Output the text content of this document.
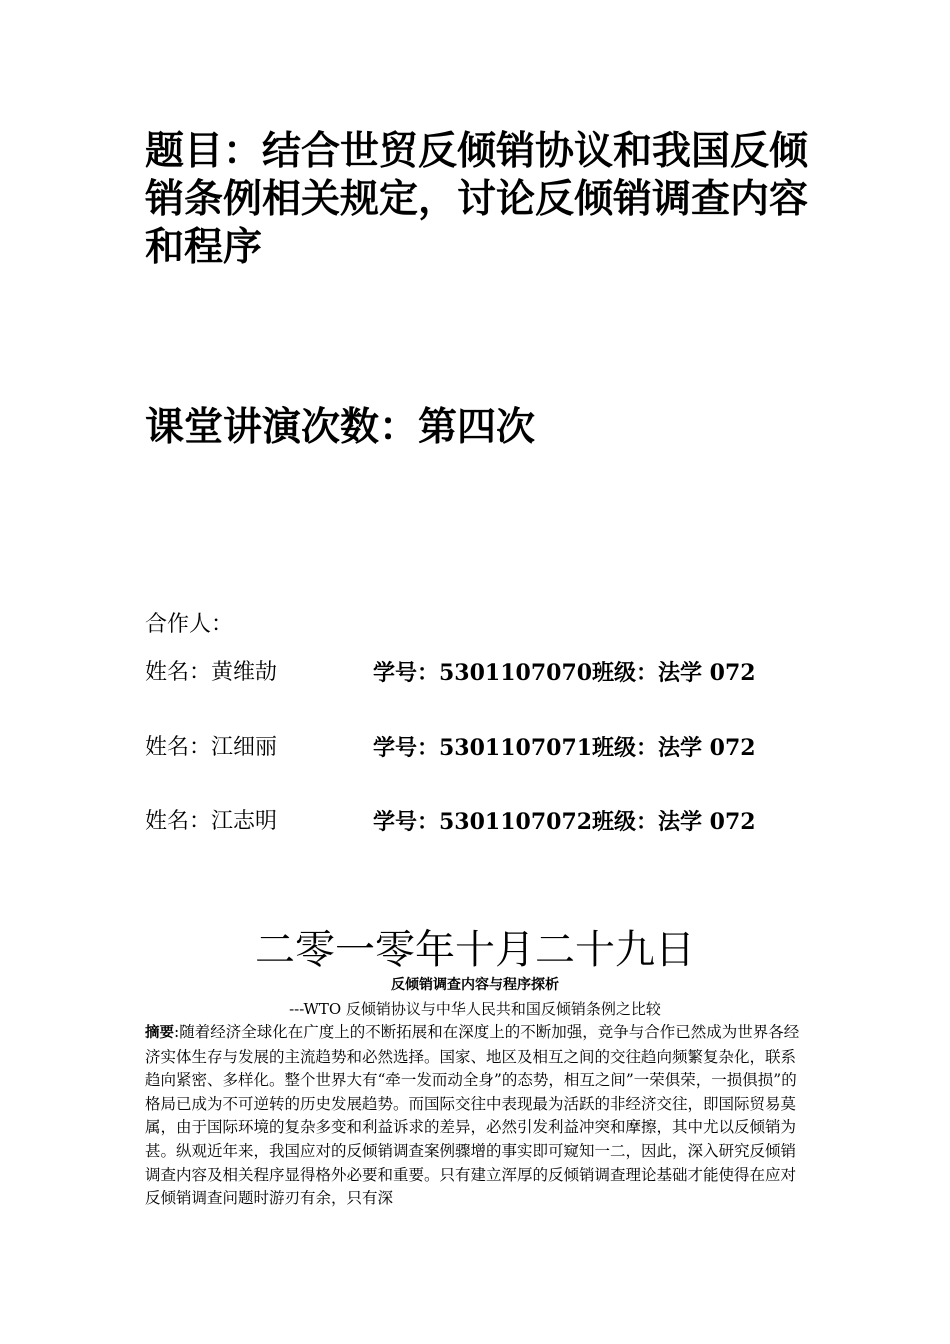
题目：结合世贸反倾销协议和我国反倾销条例相关规定，讨论反倾销调查内容和程序
课堂讲演次数：第四次
合作人：
姓名：黄维劼	学号：5301107070 班级：法学 072
姓名：江细丽	学号：5301107071 班级：法学 072
姓名：江志明	学号：5301107072 班级：法学 072
二零一零年十月二十九日
反倾销调查内容与程序探析
---WTO 反倾销协议与中华人民共和国反倾销条例之比较
摘要:随着经济全球化在广度上的不断拓展和在深度上的不断加强，竞争与合作已然成为世界各经济实体生存与发展的主流趋势和必然选择。国家、地区及相互之间的交往趋向频繁复杂化，联系趋向紧密、多样化。整个世界大有“牵一发而动全身”的态势，相互之间”一荣俱荣，一损俱损”的格局已成为不可逆转的历史发展趋势。而国际交往中表现最为活跃的非经济交往，即国际贸易莫属，由于国际环境的复杂多变和利益诉求的差异，必然引发利益冲突和摩擦，其中尤以反倾销为甚。纵观近年来，我国应对的反倾销调查案例骤增的事实即可窥知一二，因此，深入研究反倾销调查内容及相关程序显得格外必要和重要。只有建立浑厚的反倾销调查理论基础才能使得在应对反倾销调查问题时游刃有余，只有深
